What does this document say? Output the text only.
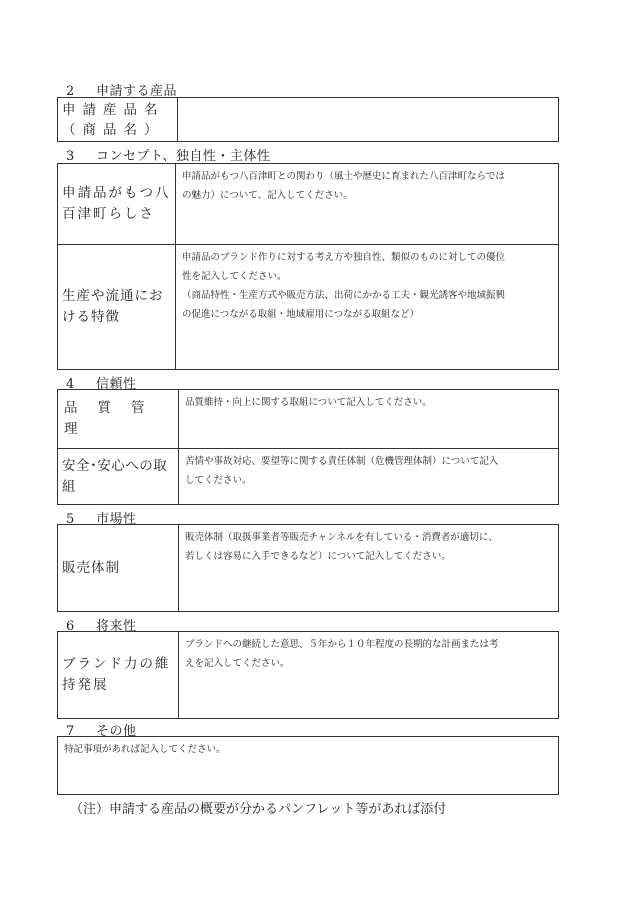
2 申請する産品
申請産品名
（商品名）
3 コンセプト、独自性・主体性
申請品がもつ八百津町らしさ
申請品がもつ八百津町との関わり（風土や歴史に育まれた八百津町ならでは
の魅力）について、記入してください。
生産や流通における特徴
申請品のブランド作りに対する考え方や独自性、類似のものに対しての優位
性を記入してください。
（商品特性・生産方式や販売方法、出荷にかかる工夫・観光誘客や地域振興
の促進につながる取組・地域雇用につながる取組など）
4 信頼性
品質管理
品質維持・向上に関する取組について記入してください。
安全･安心への取組
苦情や事故対応、要望等に関する責任体制（危機管理体制）について記入
してください。
5 市場性
販売体制
販売体制（取扱事業者等販売チャンネルを有している・消費者が適切に、
若しくは容易に入手できるなど）について記入してください。
6 将来性
ブランド力の維持発展
ブランドへの継続した意思、５年から１０年程度の長期的な計画または考
えを記入してください。
7 その他
特記事項があれば記入してください。
（注）申請する産品の概要が分かるパンフレット等があれば添付
